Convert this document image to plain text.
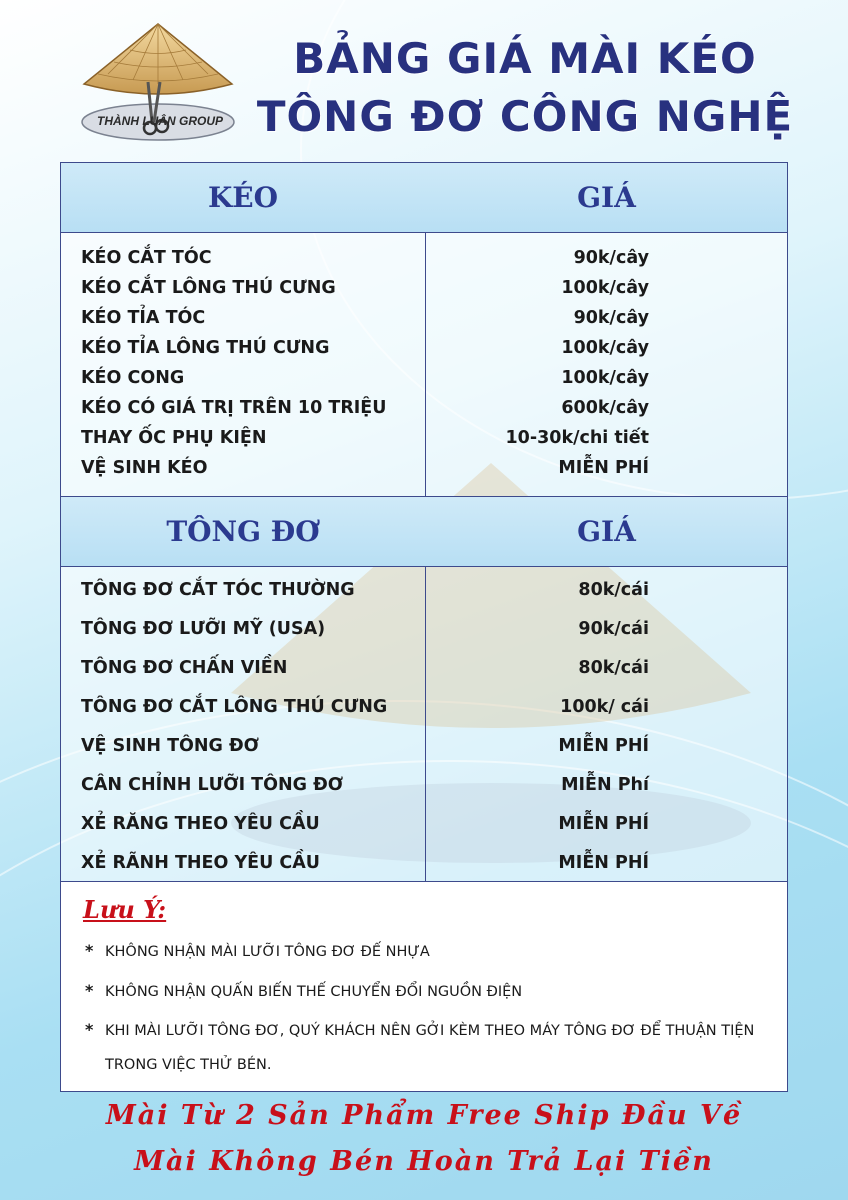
THÀNH LUÂN GROUP
BẢNG GIÁ MÀI KÉO
TÔNG ĐƠ CÔNG NGHỆ
KÉO	GIÁ
KÉO CẮT TÓC	90k/cây
KÉO CẮT LÔNG THÚ CƯNG	100k/cây
KÉO TỈA TÓC	90k/cây
KÉO TỈA LÔNG THÚ CƯNG	100k/cây
KÉO CONG	100k/cây
KÉO CÓ GIÁ TRỊ TRÊN 10 TRIỆU	600k/cây
THAY ỐC PHỤ KIỆN	10-30k/chi tiết
VỆ SINH KÉO	MIỄN PHÍ
TÔNG ĐƠ	GIÁ
TÔNG ĐƠ CẮT TÓC THƯỜNG	80k/cái
TÔNG ĐƠ LƯỠI MỸ (USA)	90k/cái
TÔNG ĐƠ CHẤN VIỀN	80k/cái
TÔNG ĐƠ CẮT LÔNG THÚ CƯNG	100k/ cái
VỆ SINH TÔNG ĐƠ	MIỄN PHÍ
CÂN CHỈNH LƯỠI TÔNG ĐƠ	MIỄN Phí
XẺ RĂNG THEO YÊU CẦU	MIỄN PHÍ
XẺ RÃNH THEO YÊU CẦU	MIỄN PHÍ
Lưu Ý:
* KHÔNG NHẬN MÀI LƯỠI TÔNG ĐƠ ĐẾ NHỰA
* KHÔNG NHẬN QUẤN BIẾN THẾ CHUYỂN ĐỔI NGUỒN ĐIỆN
* KHI MÀI LƯỠI TÔNG ĐƠ, QUÝ KHÁCH NÊN GỞI KÈM THEO MÁY TÔNG ĐƠ ĐỂ THUẬN TIỆN
TRONG VIỆC THỬ BÉN.
Mài Từ 2 Sản Phẩm Free Ship Đầu Về
Mài Không Bén Hoàn Trả Lại Tiền
